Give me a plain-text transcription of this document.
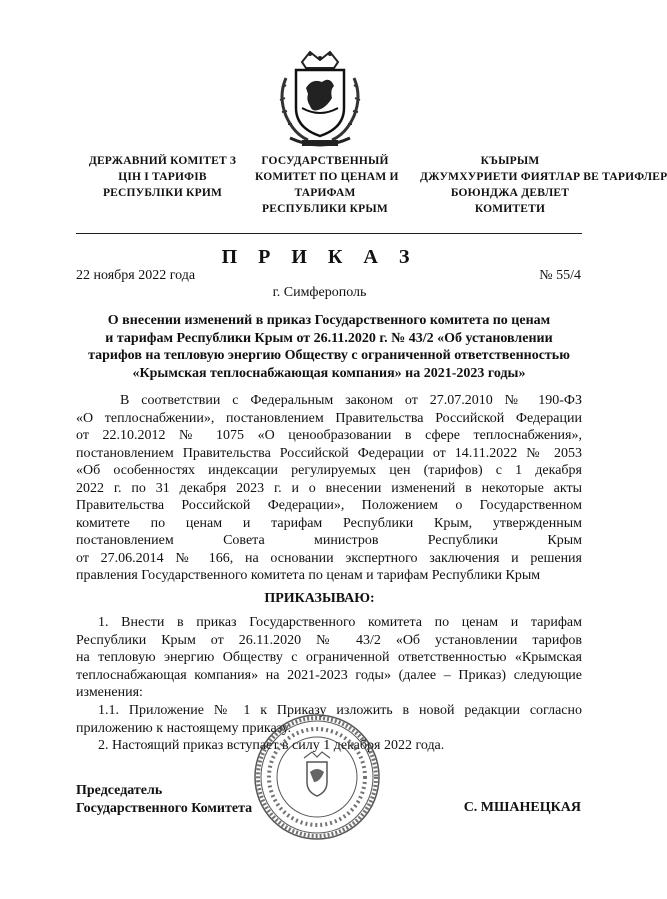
ДЕРЖАВНИЙ КОМІТЕТ З
ЦІН І ТАРИФІВ
РЕСПУБЛІКИ КРИМ
ГОСУДАРСТВЕННЫЙ
КОМИТЕТ ПО ЦЕНАМ И
ТАРИФАМ
РЕСПУБЛИКИ КРЫМ
КЪЫРЫМ
ДЖУМХУРИЕТИ ФИЯТЛАР ВЕ ТАРИФЛЕР
БОЮНДЖА ДЕВЛЕТ
КОМИТЕТИ
П Р И К А З
22 ноября 2022 года	№ 55/4
г. Симферополь
О внесении изменений в приказ Государственного комитета по ценам
и тарифам Республики Крым от 26.11.2020 г. № 43/2 «Об установлении
тарифов на тепловую энергию Обществу с ограниченной ответственностью
«Крымская теплоснабжающая компания» на 2021-2023 годы»
В соответствии с Федеральным законом от 27.07.2010 № 190-ФЗ
«О теплоснабжении», постановлением Правительства Российской Федерации
от 22.10.2012 № 1075 «О ценообразовании в сфере теплоснабжения»,
постановлением Правительства Российской Федерации от 14.11.2022 № 2053
«Об особенностях индексации регулируемых цен (тарифов) с 1 декабря
2022 г. по 31 декабря 2023 г. и о внесении изменений в некоторые акты
Правительства Российской Федерации», Положением о Государственном
комитете по ценам и тарифам Республики Крым, утвержденным
постановлением Совета министров Республики Крым
от 27.06.2014 № 166, на основании экспертного заключения и решения
правления Государственного комитета по ценам и тарифам Республики Крым
ПРИКАЗЫВАЮ:
1. Внести в приказ Государственного комитета по ценам и тарифам
Республики Крым от 26.11.2020 № 43/2 «Об установлении тарифов
на тепловую энергию Обществу с ограниченной ответственностью «Крымская
теплоснабжающая компания» на 2021-2023 годы» (далее – Приказ) следующие
изменения:
1.1. Приложение № 1 к Приказу изложить в новой редакции согласно
приложению к настоящему приказу.
2. Настоящий приказ вступает в силу 1 декабря 2022 года.
Председатель
Государственного Комитета	С. МШАНЕЦКАЯ
